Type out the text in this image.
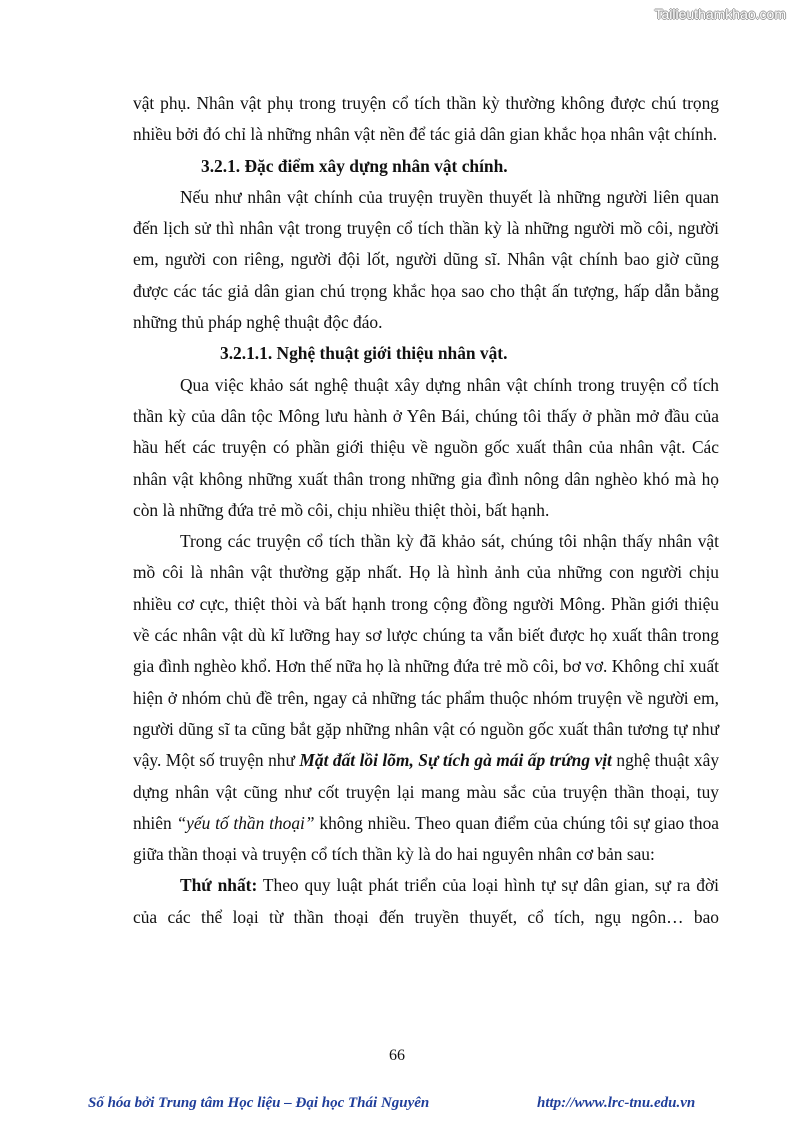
Tailieuthamkhao.com

vật phụ. Nhân vật phụ trong truyện cổ tích thần kỳ thường không được chú trọng nhiều bởi đó chỉ là những nhân vật nền để tác giả dân gian khắc họa nhân vật chính.

3.2.1. Đặc điểm xây dựng nhân vật chính.

Nếu như nhân vật chính của truyện truyền thuyết là những người liên quan đến lịch sử thì nhân vật trong truyện cổ tích thần kỳ là những người mồ côi, người em, người con riêng, người đội lốt, người dũng sĩ. Nhân vật chính bao giờ cũng được các tác giả dân gian chú trọng khắc họa sao cho thật ấn tượng, hấp dẫn bằng những thủ pháp nghệ thuật độc đáo.

3.2.1.1. Nghệ thuật giới thiệu nhân vật.

Qua việc khảo sát nghệ thuật xây dựng nhân vật chính trong truyện cổ tích thần kỳ của dân tộc Mông lưu hành ở Yên Bái, chúng tôi thấy ở phần mở đầu của hầu hết các truyện có phần giới thiệu về nguồn gốc xuất thân của nhân vật. Các nhân vật không những xuất thân trong những gia đình nông dân nghèo khó mà họ còn là những đứa trẻ mồ côi, chịu nhiều thiệt thòi, bất hạnh.

Trong các truyện cổ tích thần kỳ đã khảo sát, chúng tôi nhận thấy nhân vật mồ côi là nhân vật thường gặp nhất. Họ là hình ảnh của những con người chịu nhiều cơ cực, thiệt thòi và bất hạnh trong cộng đồng người Mông. Phần giới thiệu về các nhân vật dù kĩ lưỡng hay sơ lược chúng ta vẫn biết được họ xuất thân trong gia đình nghèo khổ. Hơn thế nữa họ là những đứa trẻ mồ côi, bơ vơ. Không chỉ xuất hiện ở nhóm chủ đề trên, ngay cả những tác phẩm thuộc nhóm truyện về người em, người dũng sĩ ta cũng bắt gặp những nhân vật có nguồn gốc xuất thân tương tự như vậy. Một số truyện như Mặt đất lồi lõm, Sự tích gà mái ấp trứng vịt nghệ thuật xây dựng nhân vật cũng như cốt truyện lại mang màu sắc của truyện thần thoại, tuy nhiên “yếu tố thần thoại” không nhiều. Theo quan điểm của chúng tôi sự giao thoa giữa thần thoại và truyện cổ tích thần kỳ là do hai nguyên nhân cơ bản sau:

Thứ nhất: Theo quy luật phát triển của loại hình tự sự dân gian, sự ra đời của các thể loại từ thần thoại đến truyền thuyết, cổ tích, ngụ ngôn… bao

66
Số hóa bởi Trung tâm Học liệu – Đại học Thái Nguyên	http://www.lrc-tnu.edu.vn
